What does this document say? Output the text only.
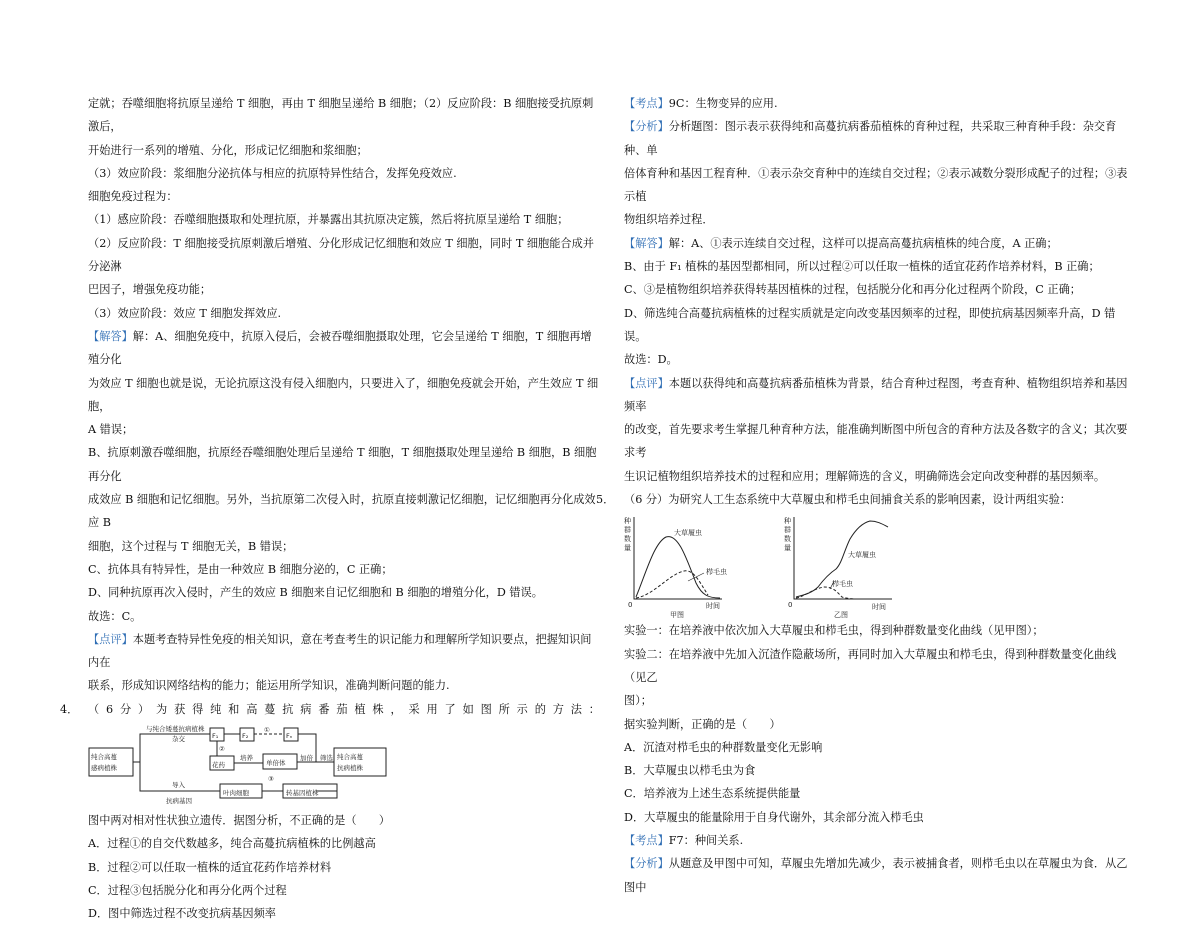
定就；吞噬细胞将抗原呈递给 T 细胞，再由 T 细胞呈递给 B 细胞；（2）反应阶段：B 细胞接受抗原刺激后，

开始进行一系列的增殖、分化，形成记忆细胞和浆细胞；

（3）效应阶段：浆细胞分泌抗体与相应的抗原特异性结合，发挥免疫效应.

细胞免疫过程为：

（1）感应阶段：吞噬细胞摄取和处理抗原，并暴露出其抗原决定簇，然后将抗原呈递给 T 细胞；

（2）反应阶段：T 细胞接受抗原刺激后增殖、分化形成记忆细胞和效应 T 细胞，同时 T 细胞能合成并分泌淋

巴因子，增强免疫功能；

（3）效应阶段：效应 T 细胞发挥效应.

【解答】解：A、细胞免疫中，抗原入侵后，会被吞噬细胞摄取处理，它会呈递给 T 细胞，T 细胞再增殖分化

为效应 T 细胞也就是说，无论抗原这没有侵入细胞内，只要进入了，细胞免疫就会开始，产生效应 T 细胞，

A 错误；

B、抗原刺激吞噬细胞，抗原经吞噬细胞处理后呈递给 T 细胞，T 细胞摄取处理呈递给 B 细胞，B 细胞再分化

成效应 B 细胞和记忆细胞。另外，当抗原第二次侵入时，抗原直接刺激记忆细胞，记忆细胞再分化成效应 B

细胞，这个过程与 T 细胞无关，B 错误；

C、抗体具有特异性，是由一种效应 B 细胞分泌的，C 正确；

D、同种抗原再次入侵时，产生的效应 B 细胞来自记忆细胞和 B 细胞的增殖分化，D 错误。

故选：C。

【点评】本题考查特异性免疫的相关知识，意在考查考生的识记能力和理解所学知识要点，把握知识间内在

联系，形成知识网络结构的能力；能运用所学知识，准确判断问题的能力.

4． （ 6 分 ） 为 获 得 纯 和 高 蔓 抗 病 番 茄 植 株 ， 采 用 了 如 图 所 示 的 方 法 ：
纯合高蔓
感病植株
纯合高蔓
抗病植株
与纯合矮蔓抗病植株
杂交	F₁	F₂	Fₙ
①
②
③
花药
培养
单倍体
加倍 筛选
导入
抗病基因
叶肉细胞	转基因植株

图中两对相对性状独立遗传．据图分析，不正确的是（　　）

A．过程①的自交代数越多，纯合高蔓抗病植株的比例越高

B．过程②可以任取一植株的适宜花药作培养材料

C．过程③包括脱分化和再分化两个过程

D．图中筛选过程不改变抗病基因频率

【考点】9C：生物变异的应用.

【分析】分析题图：图示表示获得纯和高蔓抗病番茄植株的育种过程，共采取三种育种手段：杂交育种、单

倍体育种和基因工程育种．①表示杂交育种中的连续自交过程；②表示减数分裂形成配子的过程；③表示植

物组织培养过程．

【解答】解：A、①表示连续自交过程，这样可以提高高蔓抗病植株的纯合度，A 正确；

B、由于 F₁ 植株的基因型都相同，所以过程②可以任取一植株的适宜花药作培养材料，B 正确；

C、③是植物组织培养获得转基因植株的过程，包括脱分化和再分化过程两个阶段，C 正确；

D、筛选纯合高蔓抗病植株的过程实质就是定向改变基因频率的过程，即使抗病基因频率升高，D 错误。

故选：D。

【点评】本题以获得纯和高蔓抗病番茄植株为背景，结合育种过程图，考查育种、植物组织培养和基因频率

的改变，首先要求考生掌握几种育种方法，能准确判断图中所包含的育种方法及各数字的含义；其次要求考

生识记植物组织培养技术的过程和应用；理解筛选的含义，明确筛选会定向改变种群的基因频率。

5． （6 分）为研究人工生态系统中大草履虫和栉毛虫间捕食关系的影响因素，设计两组实验：
种
群
数
量
0	时间
甲图
大草履虫
栉毛虫
种
群
数
量
0	时间
乙图
大草履虫
栉毛虫

实验一：在培养液中依次加入大草履虫和栉毛虫，得到种群数量变化曲线（见甲图）；

实验二：在培养液中先加入沉渣作隐蔽场所，再同时加入大草履虫和栉毛虫，得到种群数量变化曲线（见乙

图）；

据实验判断，正确的是（　　）

A．沉渣对栉毛虫的种群数量变化无影响

B．大草履虫以栉毛虫为食

C．培养液为上述生态系统提供能量

D．大草履虫的能量除用于自身代谢外，其余部分流入栉毛虫

【考点】F7：种间关系.

【分析】从题意及甲图中可知，草履虫先增加先减少，表示被捕食者，则栉毛虫以在草履虫为食．从乙图中
